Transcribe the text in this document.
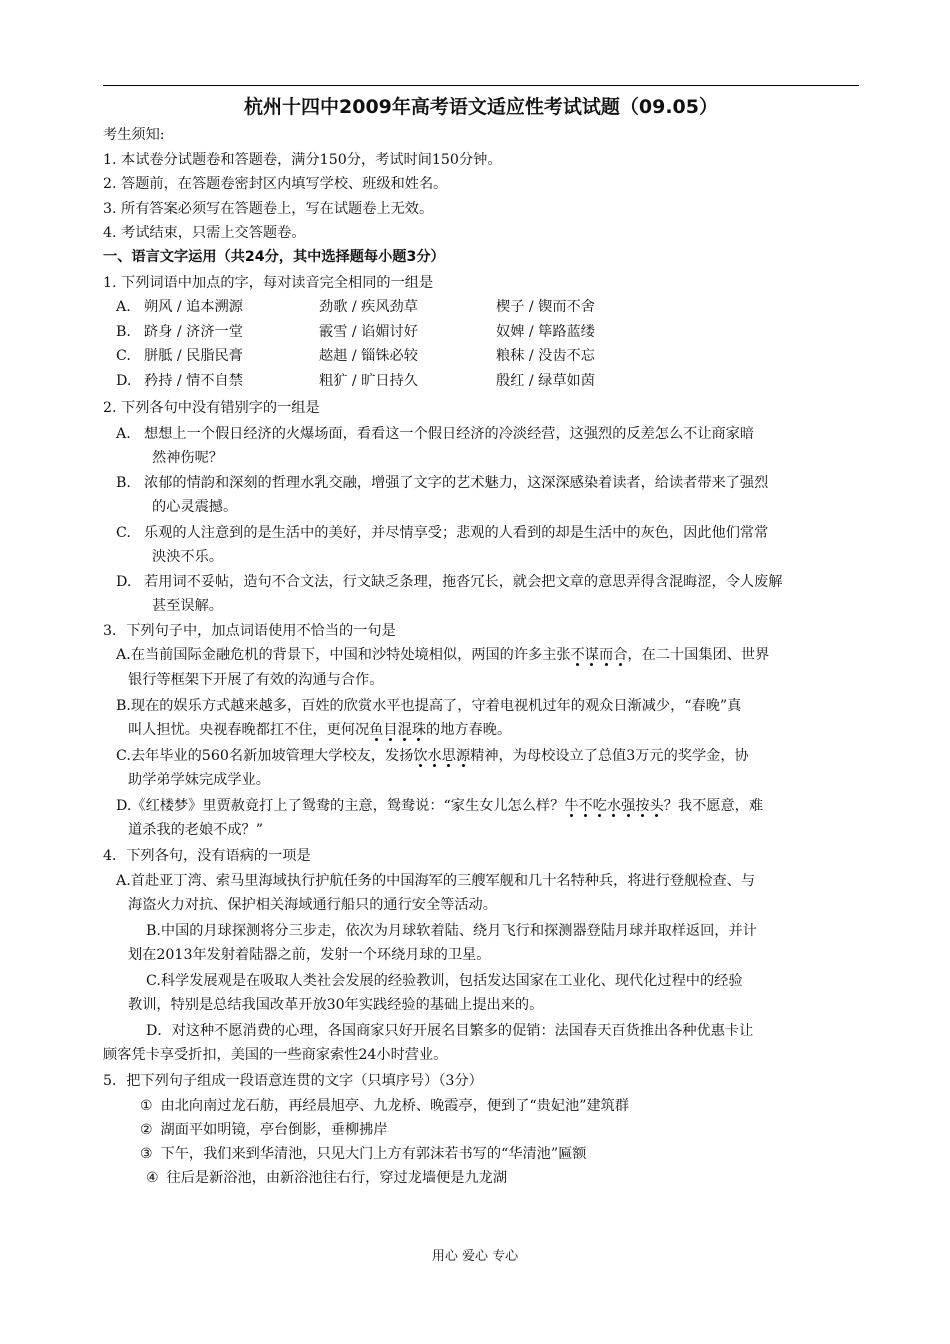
杭州十四中2009年高考语文适应性考试试题（09.05）
考生须知:
1. 本试卷分试题卷和答题卷，满分150分，考试时间150分钟。
2. 答题前，在答题卷密封区内填写学校、班级和姓名。
3. 所有答案必须写在答题卷上，写在试题卷上无效。
4. 考试结束，只需上交答题卷。
一、语言文字运用（共24分，其中选择题每小题3分）
1. 下列词语中加点的字，每对读音完全相同的一组是
A. 朔风 / 追本溯源	劲歌 / 疾风劲草	楔子 / 锲而不舍
B. 跻身 / 济济一堂	霰雪 / 谄媚讨好	奴婢 / 筚路蓝缕
C. 胼胝 / 民脂民膏	趑趄 / 锱铢必较	粮秣 / 没齿不忘
D. 矜持 / 情不自禁	粗犷 / 旷日持久	殷红 / 绿草如茵
2. 下列各句中没有错别字的一组是
A. 想想上一个假日经济的火爆场面，看看这一个假日经济的冷淡经营，这强烈的反差怎么不让商家暗
然神伤呢？
B. 浓郁的情韵和深刻的哲理水乳交融，增强了文字的艺术魅力，这深深感染着读者，给读者带来了强烈
的心灵震撼。
C. 乐观的人注意到的是生活中的美好，并尽情享受；悲观的人看到的却是生活中的灰色，因此他们常常
泱泱不乐。
D. 若用词不妥帖，造句不合文法，行文缺乏条理，拖沓冗长，就会把文章的意思弄得含混晦涩，令人废解
甚至误解。
3．下列句子中，加点词语使用不恰当的一句是
A.在当前国际金融危机的背景下，中国和沙特处境相似，两国的许多主张不谋而合，在二十国集团、世界
银行等框架下开展了有效的沟通与合作。
B.现在的娱乐方式越来越多，百姓的欣赏水平也提高了，守着电视机过年的观众日渐减少，“春晚”真
叫人担忧。央视春晚都扛不住，更何况鱼目混珠的地方春晚。
C.去年毕业的560名新加坡管理大学校友，发扬饮水思源精神，为母校设立了总值3万元的奖学金，协
助学弟学妹完成学业。
D.《红楼梦》里贾赦竟打上了鸳鸯的主意，鸳鸯说：“家生女儿怎么样？牛不吃水强按头？我不愿意，难
道杀我的老娘不成？”
4．下列各句，没有语病的一项是
A.首赴亚丁湾、索马里海域执行护航任务的中国海军的三艘军舰和几十名特种兵，将进行登舰检查、与
海盗火力对抗、保护相关海域通行船只的通行安全等活动。
B.中国的月球探测将分三步走，依次为月球软着陆、绕月飞行和探测器登陆月球并取样返回，并计
划在2013年发射着陆器之前，发射一个环绕月球的卫星。
C.科学发展观是在吸取人类社会发展的经验教训，包括发达国家在工业化、现代化过程中的经验
教训，特别是总结我国改革开放30年实践经验的基础上提出来的。
D．对这种不愿消费的心理，各国商家只好开展名目繁多的促销：法国春天百货推出各种优惠卡让
顾客凭卡享受折扣，美国的一些商家索性24小时营业。
5．把下列句子组成一段语意连贯的文字（只填序号）（3分）
① 由北向南过龙石舫，再经晨旭亭、九龙桥、晚霞亭，便到了“贵妃池”建筑群
② 湖面平如明镜，亭台倒影，垂柳拂岸
③ 下午，我们来到华清池，只见大门上方有郭沫若书写的“华清池”匾额
④ 往后是新浴池，由新浴池往右行，穿过龙墙便是九龙湖
用心 爱心 专心
